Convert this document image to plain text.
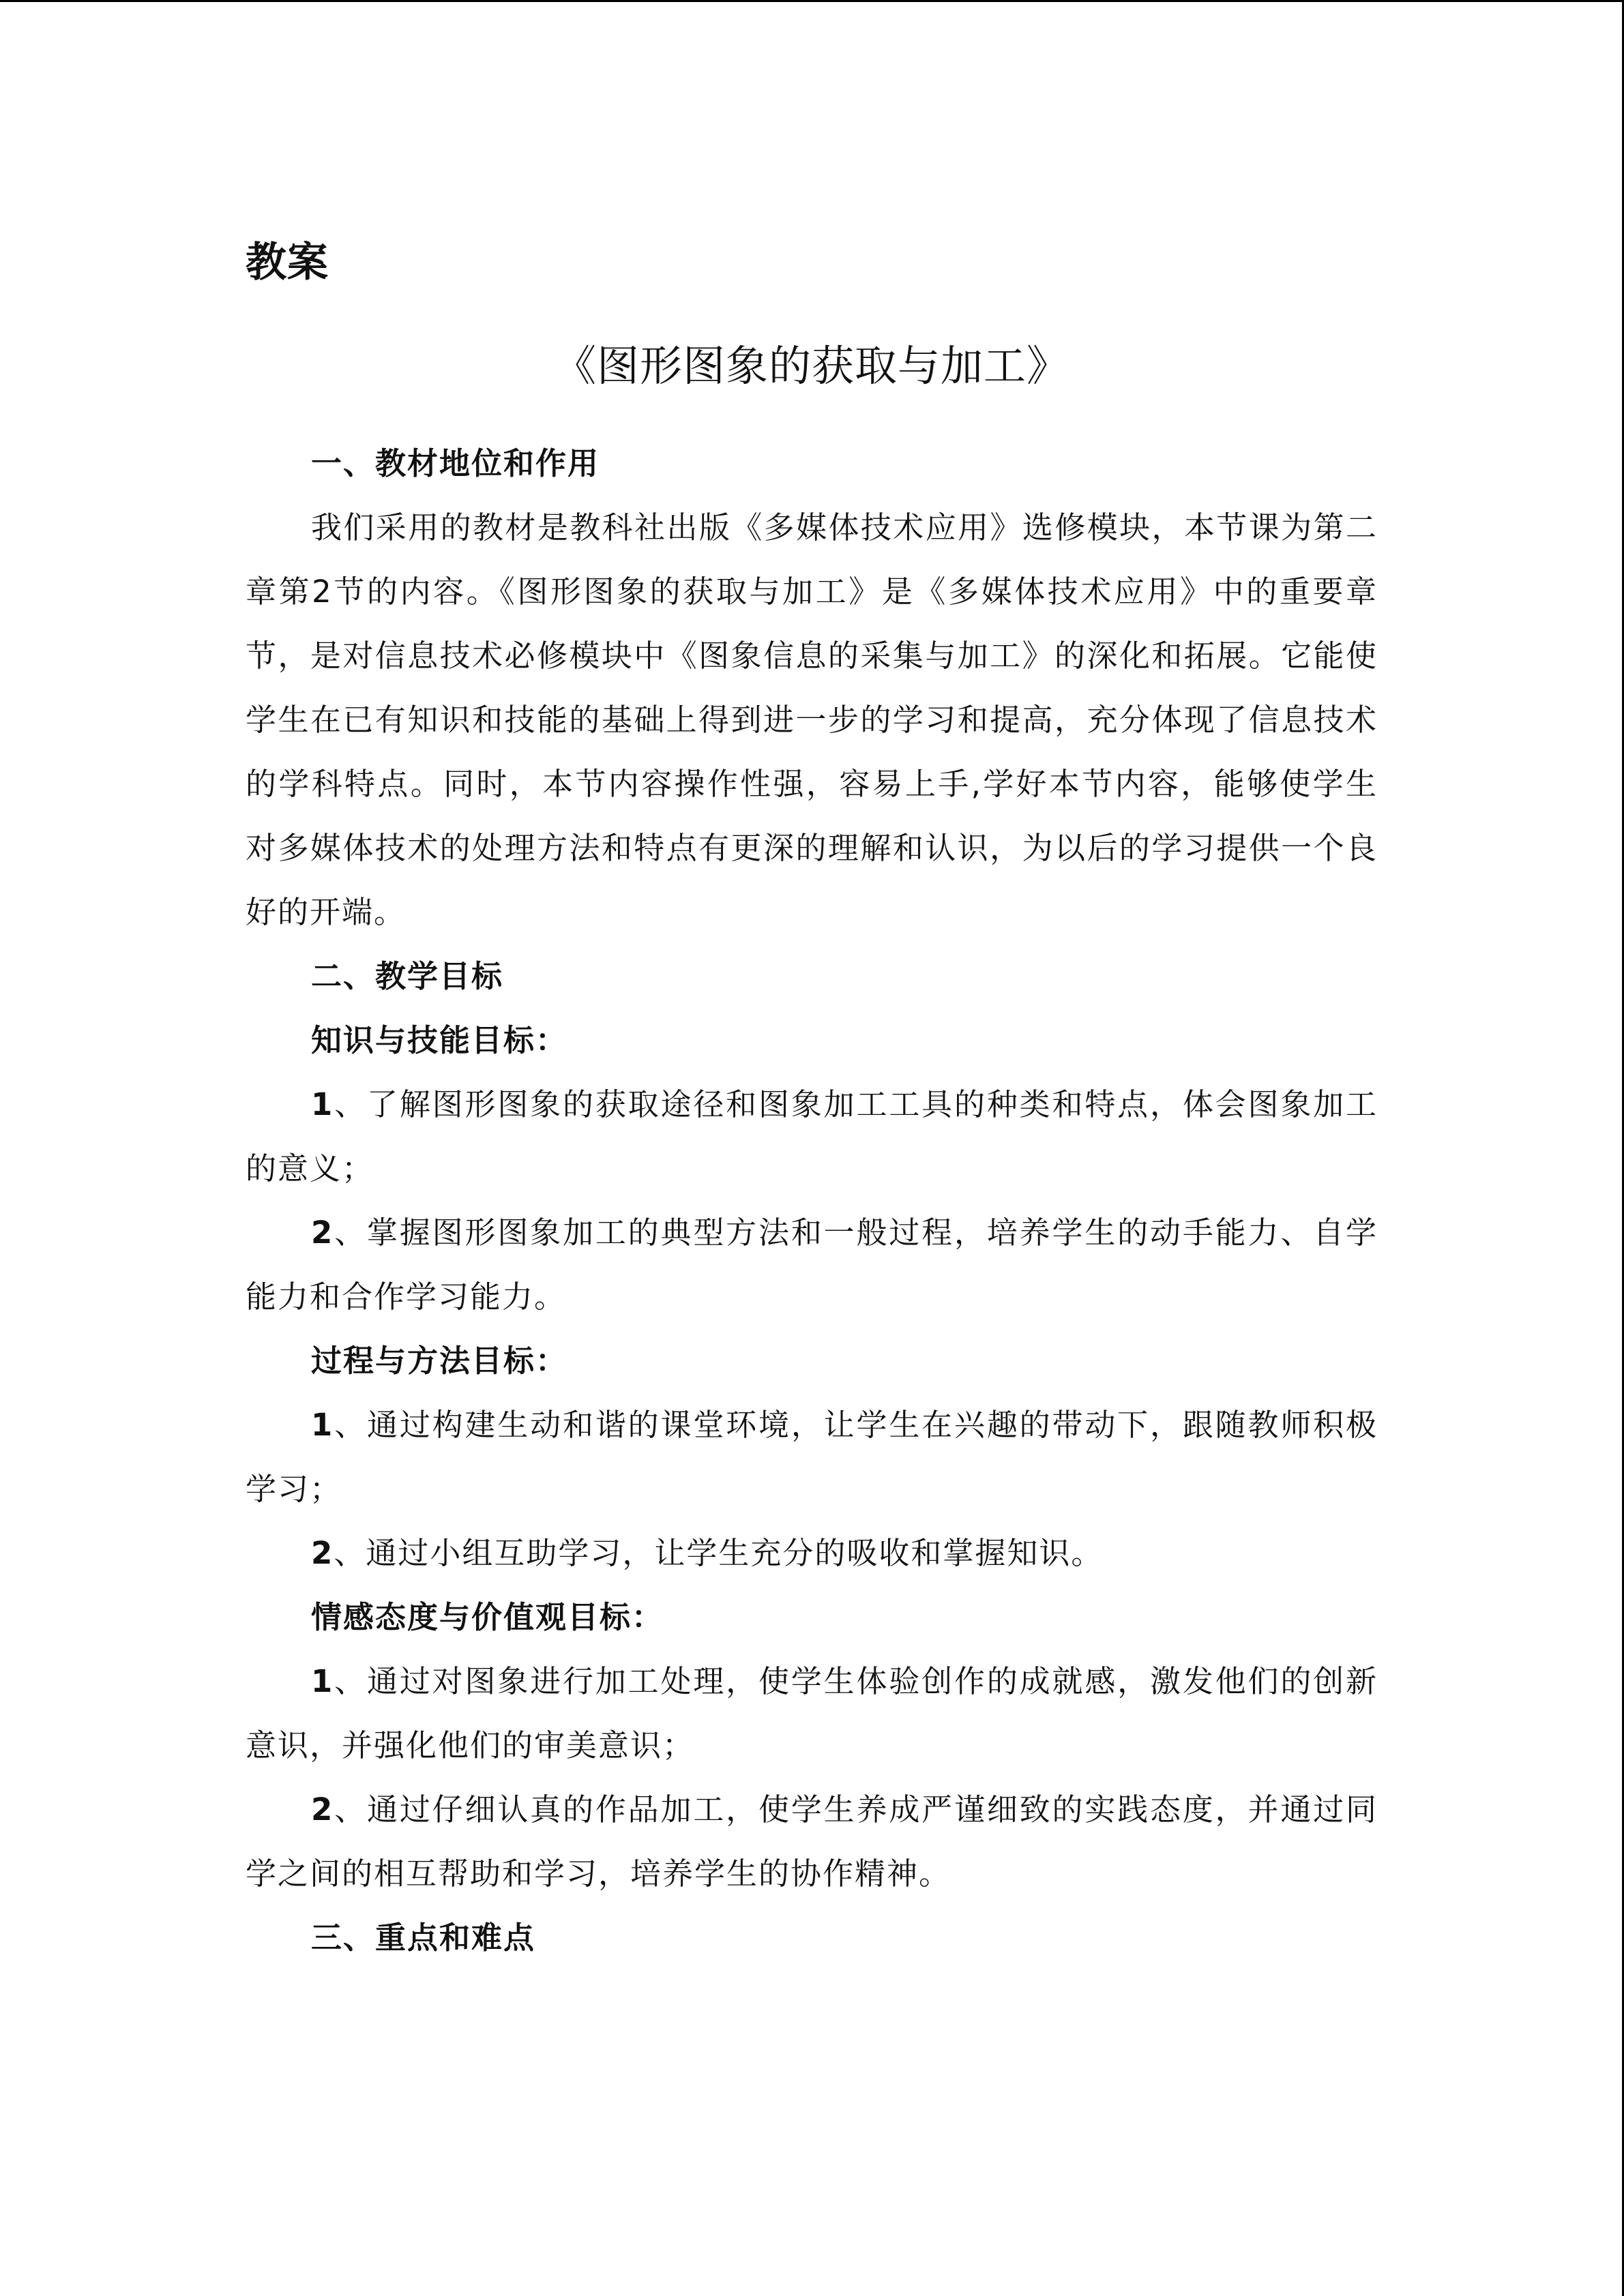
教案
《图形图象的获取与加工》

一、教材地位和作用

我们采用的教材是教科社出版《多媒体技术应用》选修模块，本节课为第二章第2节的内容。《图形图象的获取与加工》是《多媒体技术应用》中的重要章节，是对信息技术必修模块中《图象信息的采集与加工》的深化和拓展。它能使学生在已有知识和技能的基础上得到进一步的学习和提高，充分体现了信息技术的学科特点。同时，本节内容操作性强，容易上手,学好本节内容，能够使学生对多媒体技术的处理方法和特点有更深的理解和认识，为以后的学习提供一个良好的开端。

二、教学目标

知识与技能目标：

1、了解图形图象的获取途径和图象加工工具的种类和特点，体会图象加工的意义；

2、掌握图形图象加工的典型方法和一般过程，培养学生的动手能力、自学能力和合作学习能力。

过程与方法目标：

1、通过构建生动和谐的课堂环境，让学生在兴趣的带动下，跟随教师积极学习；

2、通过小组互助学习，让学生充分的吸收和掌握知识。

情感态度与价值观目标：

1、通过对图象进行加工处理，使学生体验创作的成就感，激发他们的创新意识，并强化他们的审美意识；

2、通过仔细认真的作品加工，使学生养成严谨细致的实践态度，并通过同学之间的相互帮助和学习，培养学生的协作精神。

三、重点和难点
